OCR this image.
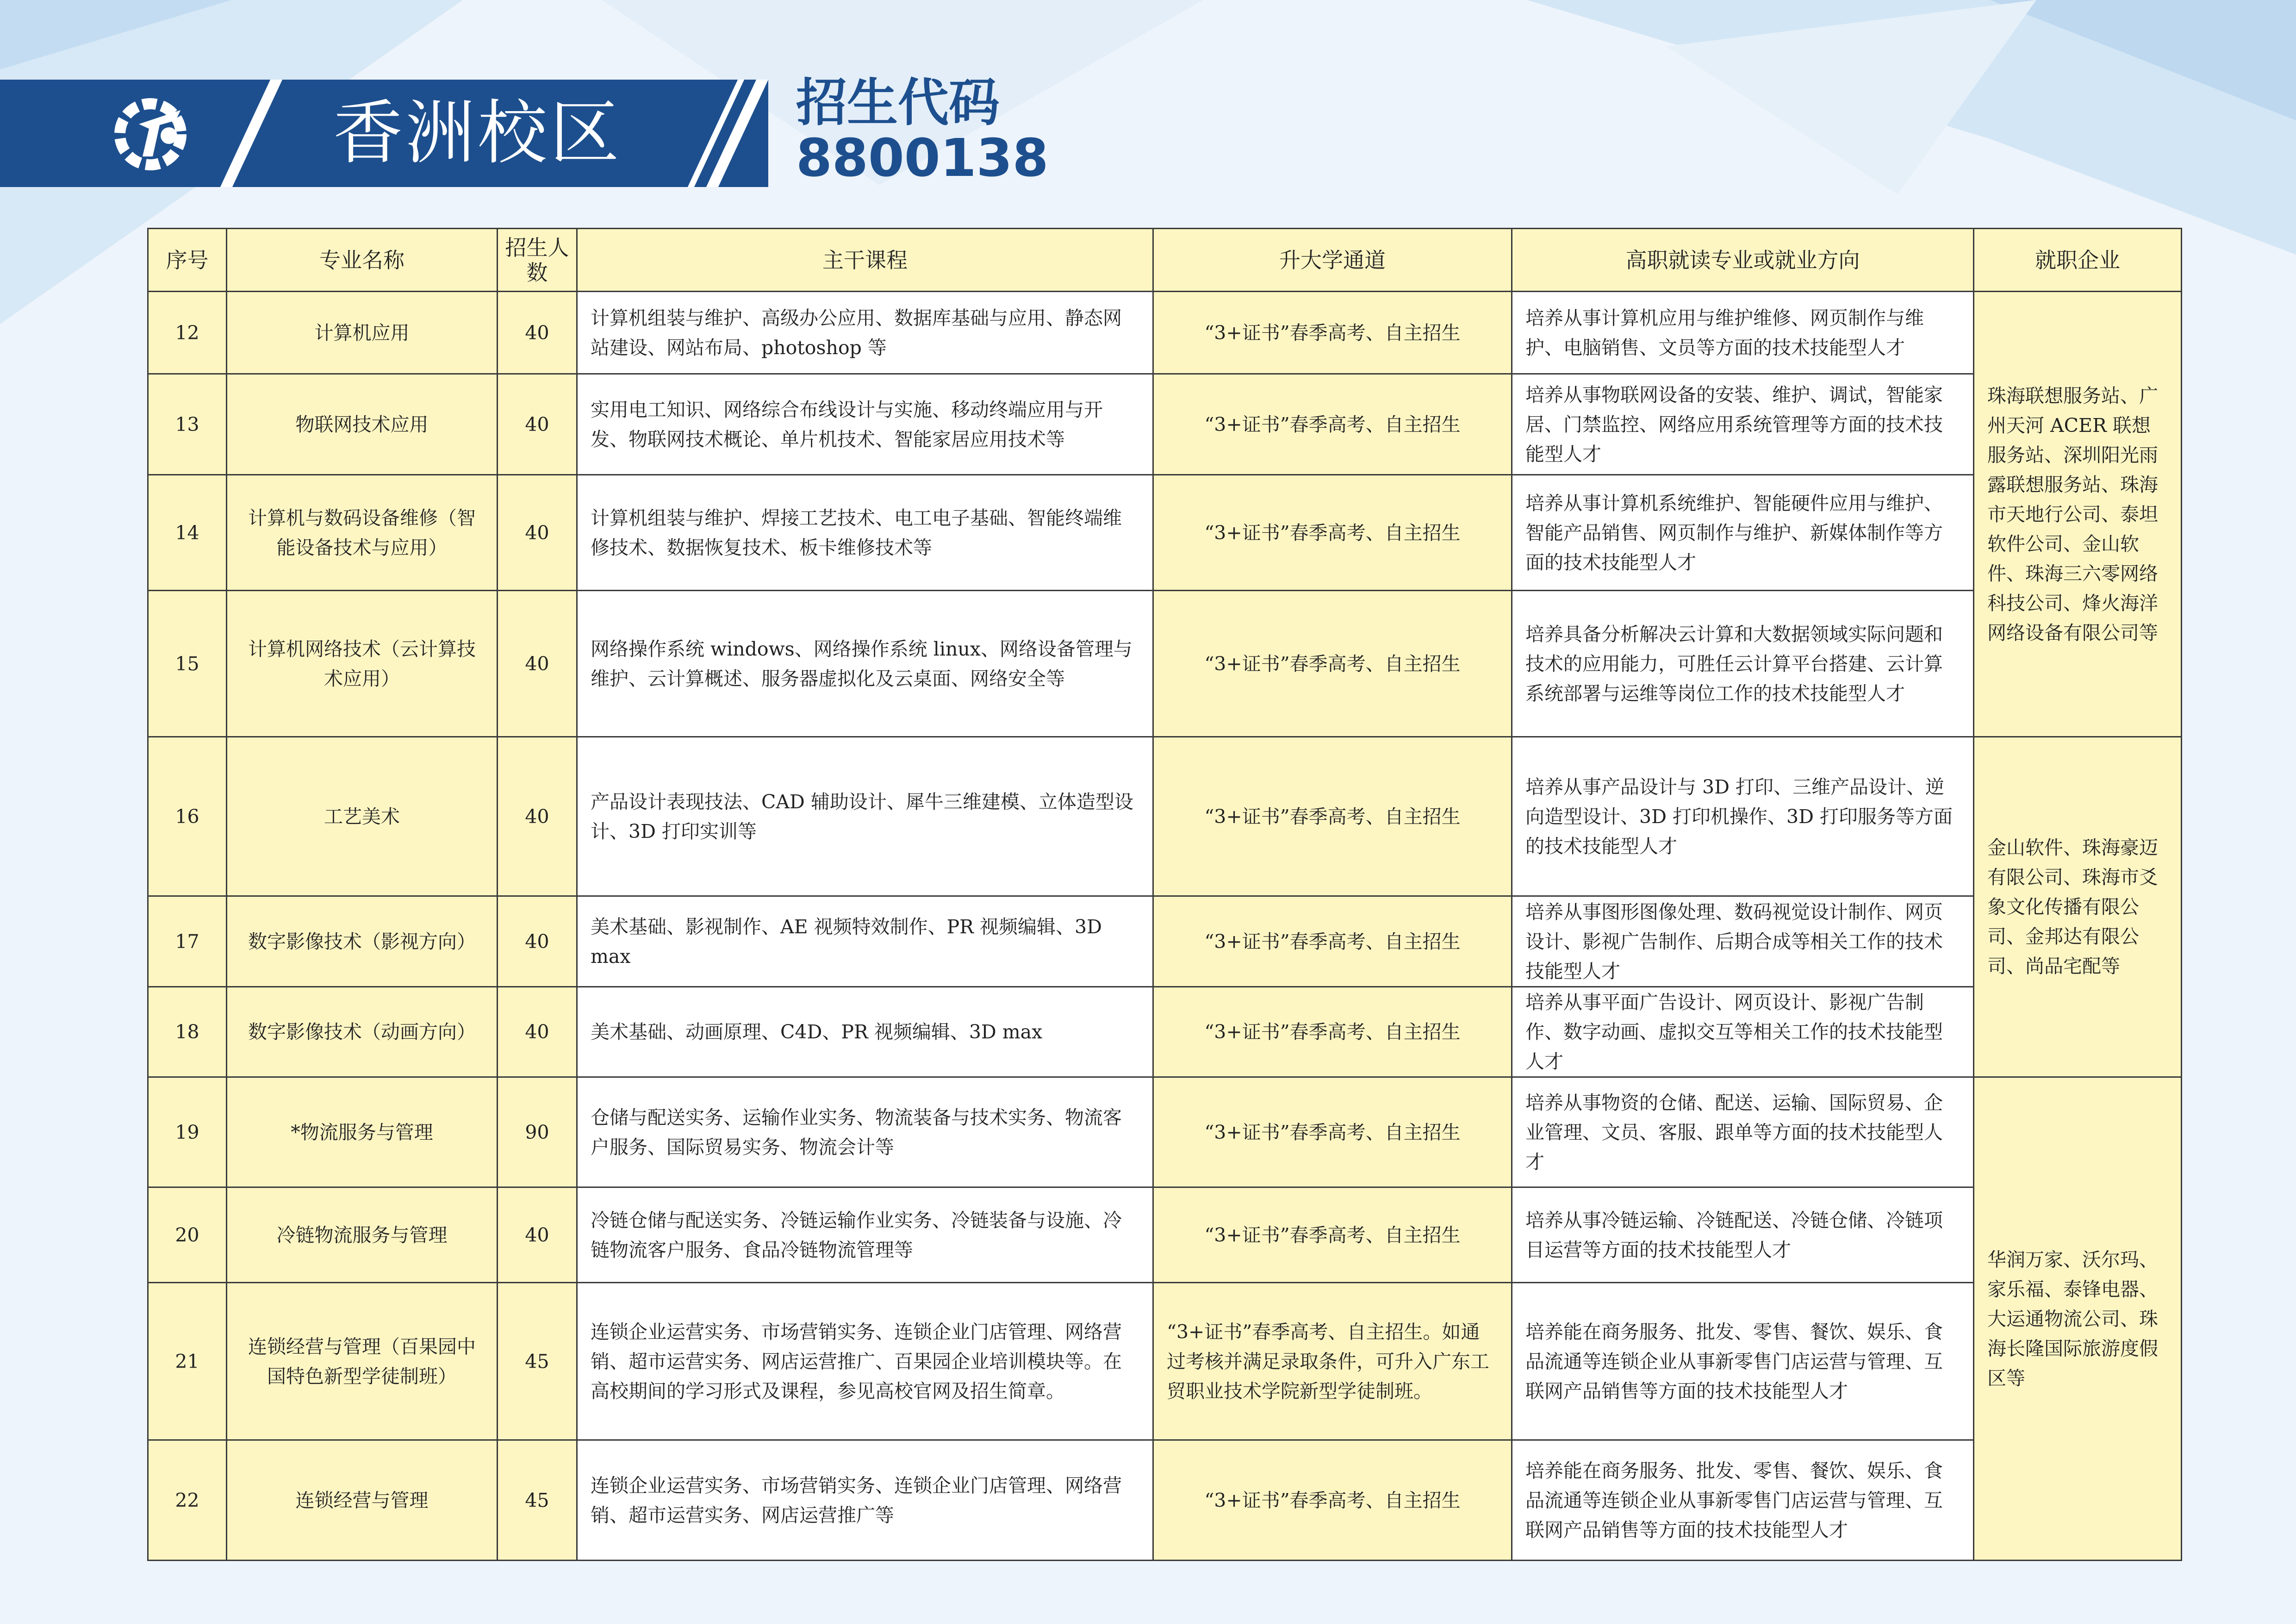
香洲校区	招生代码
8800138
序号	专业名称	招生人数	主干课程	升大学通道	高职就读专业或就业方向	就职企业
12	计算机应用	40	计算机组装与维护、高级办公应用、数据库基础与应用、静态网站建设、网站布局、photoshop 等	“3+证书”春季高考、自主招生	培养从事计算机应用与维护维修、网页制作与维护、电脑销售、文员等方面的技术技能型人才	珠海联想服务站、广州天河 ACER 联想服务站、深圳阳光雨露联想服务站、珠海市天地行公司、泰坦软件公司、金山软件、珠海三六零网络科技公司、烽火海洋网络设备有限公司等
13	物联网技术应用	40	实用电工知识、网络综合布线设计与实施、移动终端应用与开发、物联网技术概论、单片机技术、智能家居应用技术等	“3+证书”春季高考、自主招生	培养从事物联网设备的安装、维护、调试，智能家居、门禁监控、网络应用系统管理等方面的技术技能型人才	
14	计算机与数码设备维修（智能设备技术与应用）	40	计算机组装与维护、焊接工艺技术、电工电子基础、智能终端维修技术、数据恢复技术、板卡维修技术等	“3+证书”春季高考、自主招生	培养从事计算机系统维护、智能硬件应用与维护、智能产品销售、网页制作与维护、新媒体制作等方面的技术技能型人才	
15	计算机网络技术（云计算技术应用）	40	网络操作系统 windows、网络操作系统 linux、网络设备管理与维护、云计算概述、服务器虚拟化及云桌面、网络安全等	“3+证书”春季高考、自主招生	培养具备分析解决云计算和大数据领域实际问题和技术的应用能力，可胜任云计算平台搭建、云计算系统部署与运维等岗位工作的技术技能型人才	
16	工艺美术	40	产品设计表现技法、CAD 辅助设计、犀牛三维建模、立体造型设计、3D 打印实训等	“3+证书”春季高考、自主招生	培养从事产品设计与 3D 打印、三维产品设计、逆向造型设计、3D 打印机操作、3D 打印服务等方面的技术技能型人才	金山软件、珠海豪迈有限公司、珠海市爻象文化传播有限公司、金邦达有限公司、尚品宅配等
17	数字影像技术（影视方向）	40	美术基础、影视制作、AE 视频特效制作、PR 视频编辑、3D max	“3+证书”春季高考、自主招生	培养从事图形图像处理、数码视觉设计制作、网页设计、影视广告制作、后期合成等相关工作的技术技能型人才	
18	数字影像技术（动画方向）	40	美术基础、动画原理、C4D、PR 视频编辑、3D max	“3+证书”春季高考、自主招生	培养从事平面广告设计、网页设计、影视广告制作、数字动画、虚拟交互等相关工作的技术技能型人才	
19	*物流服务与管理	90	仓储与配送实务、运输作业实务、物流装备与技术实务、物流客户服务、国际贸易实务、物流会计等	“3+证书”春季高考、自主招生	培养从事物资的仓储、配送、运输、国际贸易、企业管理、文员、客服、跟单等方面的技术技能型人才	华润万家、沃尔玛、家乐福、泰锋电器、大运通物流公司、珠海长隆国际旅游度假区等
20	冷链物流服务与管理	40	冷链仓储与配送实务、冷链运输作业实务、冷链装备与设施、冷链物流客户服务、食品冷链物流管理等	“3+证书”春季高考、自主招生	培养从事冷链运输、冷链配送、冷链仓储、冷链项目运营等方面的技术技能型人才	
21	连锁经营与管理（百果园中国特色新型学徒制班）	45	连锁企业运营实务、市场营销实务、连锁企业门店管理、网络营销、超市运营实务、网店运营推广、百果园企业培训模块等。在高校期间的学习形式及课程，参见高校官网及招生简章。	“3+证书”春季高考、自主招生。如通过考核并满足录取条件，可升入广东工贸职业技术学院新型学徒制班。	培养能在商务服务、批发、零售、餐饮、娱乐、食品流通等连锁企业从事新零售门店运营与管理、互联网产品销售等方面的技术技能型人才	
22	连锁经营与管理	45	连锁企业运营实务、市场营销实务、连锁企业门店管理、网络营销、超市运营实务、网店运营推广等	“3+证书”春季高考、自主招生	培养能在商务服务、批发、零售、餐饮、娱乐、食品流通等连锁企业从事新零售门店运营与管理、互联网产品销售等方面的技术技能型人才	
